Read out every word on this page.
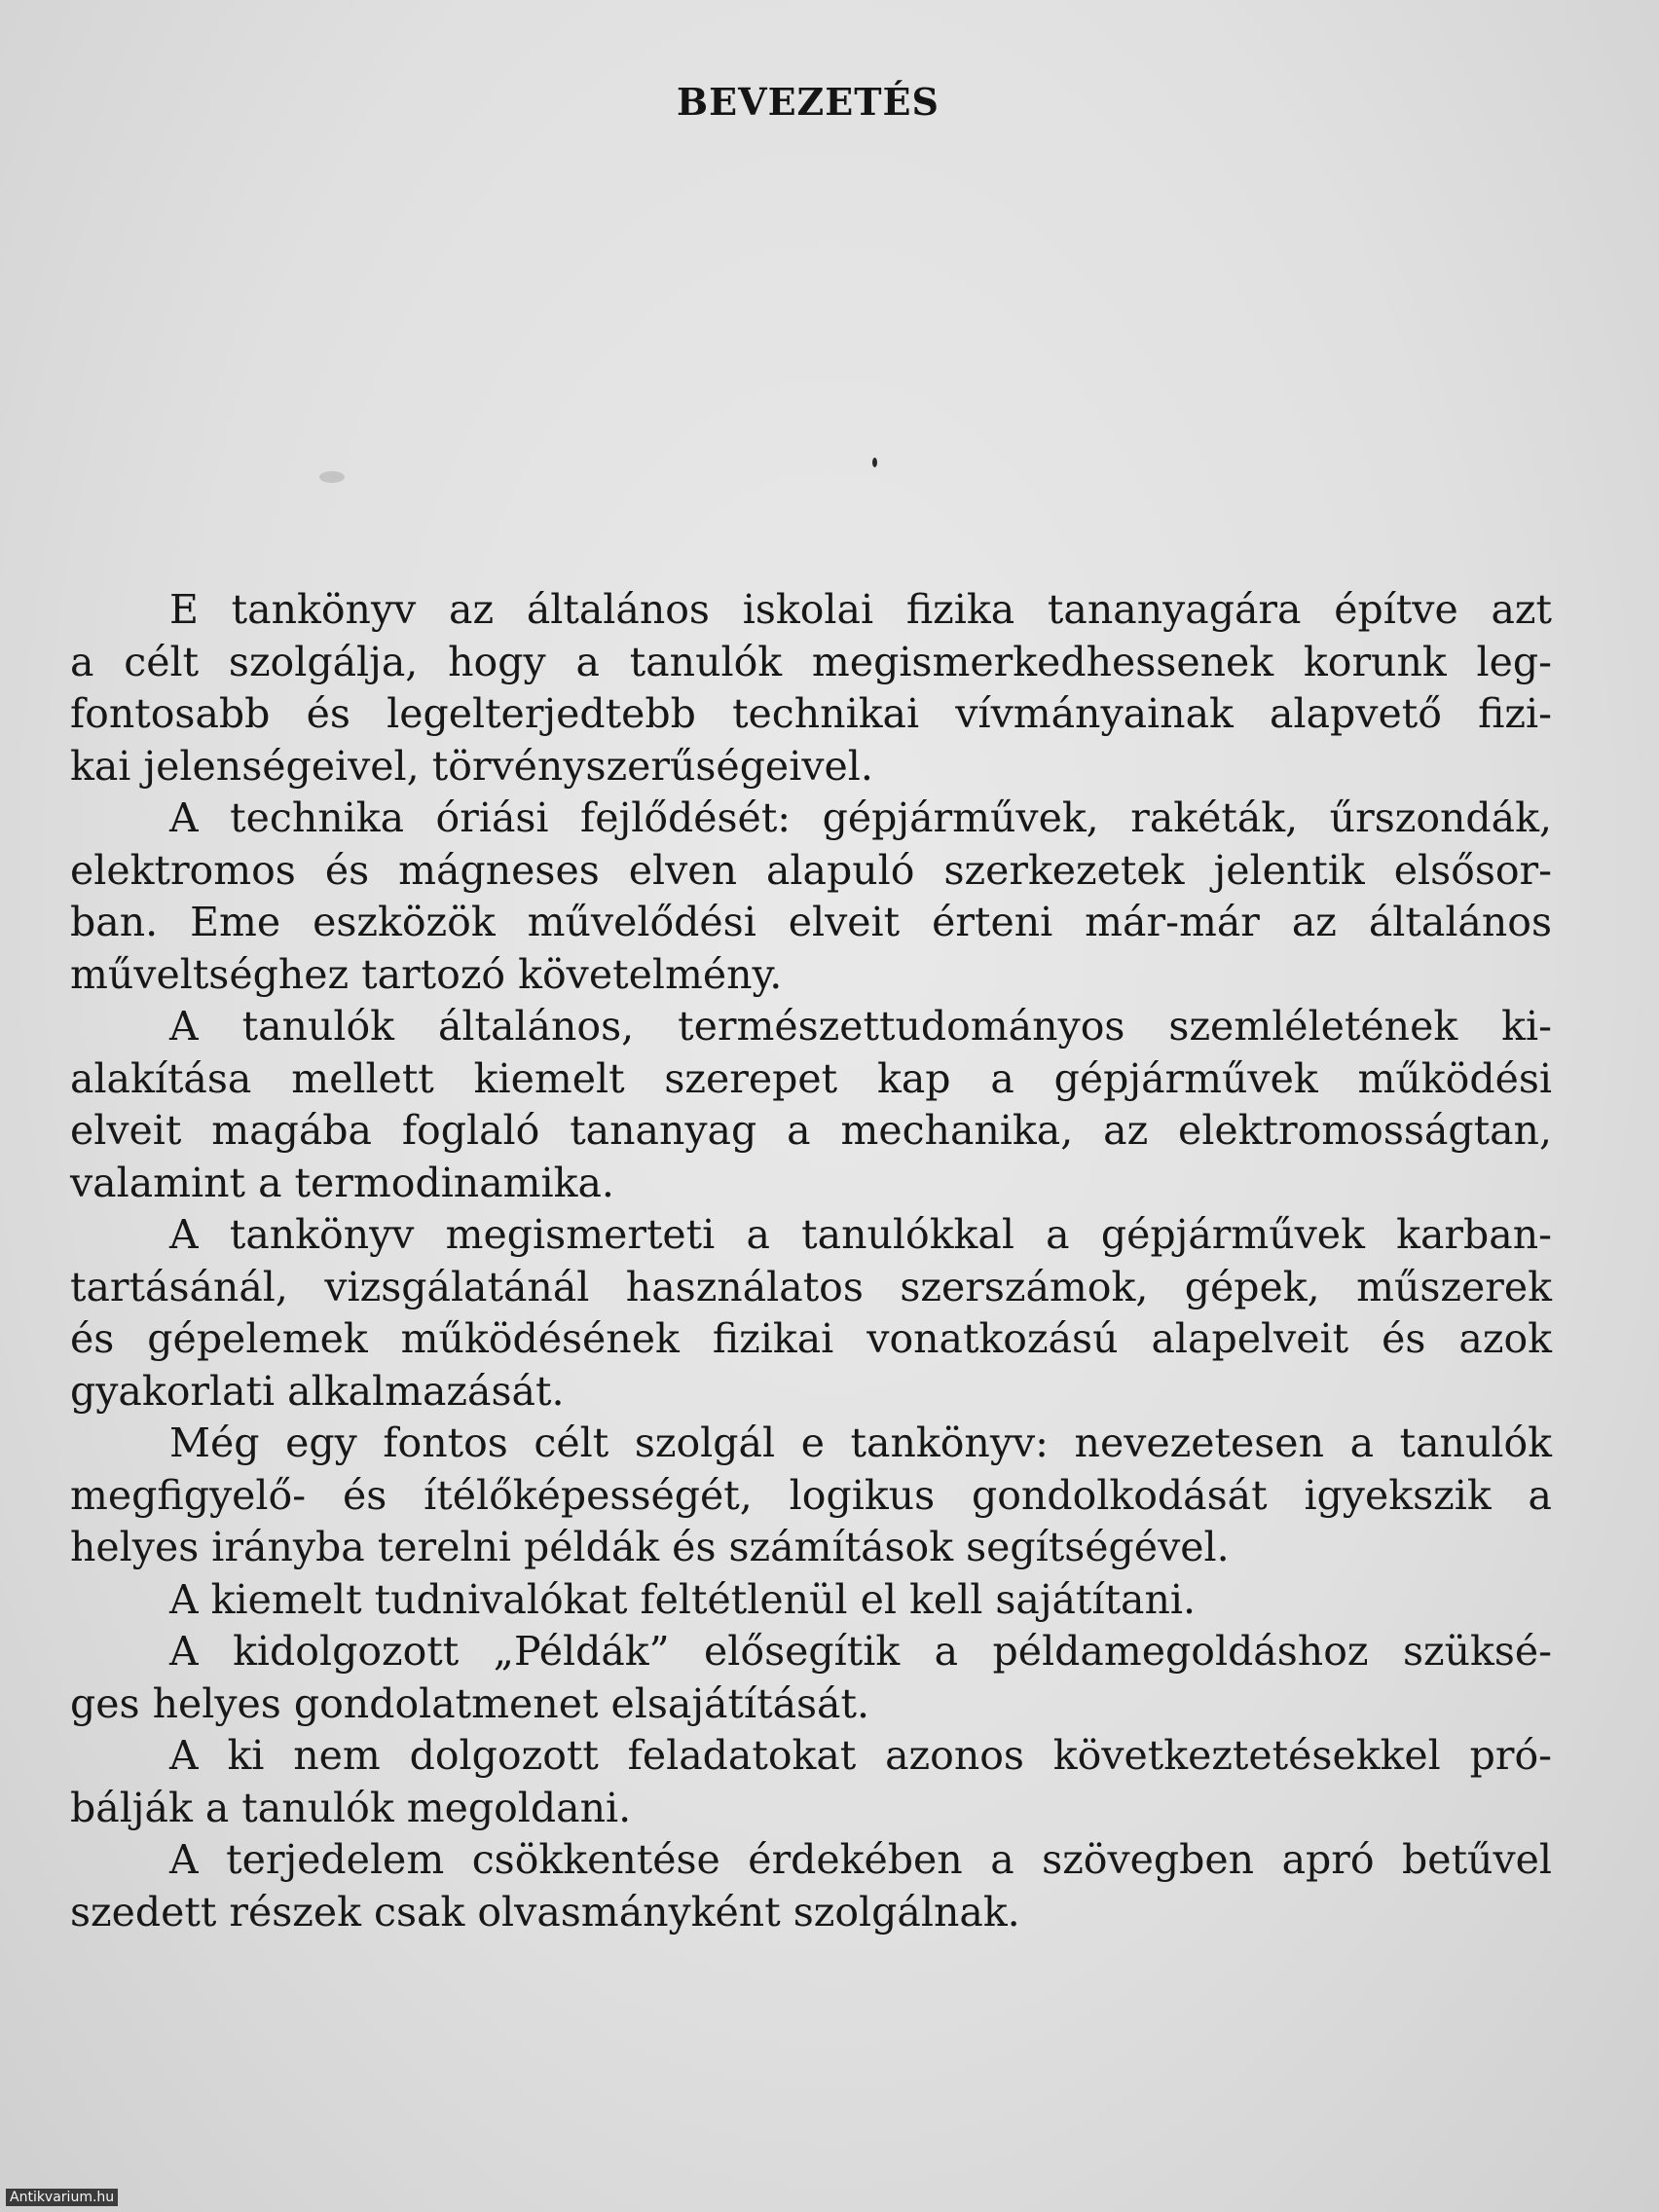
BEVEZETÉS
E tankönyv az általános iskolai fizika tananyagára építve azt
a célt szolgálja, hogy a tanulók megismerkedhessenek korunk leg-
fontosabb és legelterjedtebb technikai vívmányainak alapvető fizi-
kai jelenségeivel, törvényszerűségeivel.
A technika óriási fejlődését: gépjárművek, rakéták, űrszondák,
elektromos és mágneses elven alapuló szerkezetek jelentik elsősor-
ban. Eme eszközök művelődési elveit érteni már-már az általános
műveltséghez tartozó követelmény.
A tanulók általános, természettudományos szemléletének ki-
alakítása mellett kiemelt szerepet kap a gépjárművek működési
elveit magába foglaló tananyag a mechanika, az elektromosságtan,
valamint a termodinamika.
A tankönyv megismerteti a tanulókkal a gépjárművek karban-
tartásánál, vizsgálatánál használatos szerszámok, gépek, műszerek
és gépelemek működésének fizikai vonatkozású alapelveit és azok
gyakorlati alkalmazását.
Még egy fontos célt szolgál e tankönyv: nevezetesen a tanulók
megfigyelő- és ítélőképességét, logikus gondolkodását igyekszik a
helyes irányba terelni példák és számítások segítségével.
A kiemelt tudnivalókat feltétlenül el kell sajátítani.
A kidolgozott „Példák” elősegítik a példamegoldáshoz szüksé-
ges helyes gondolatmenet elsajátítását.
A ki nem dolgozott feladatokat azonos következtetésekkel pró-
bálják a tanulók megoldani.
A terjedelem csökkentése érdekében a szövegben apró betűvel
szedett részek csak olvasmányként szolgálnak.
Antikvarium.hu
